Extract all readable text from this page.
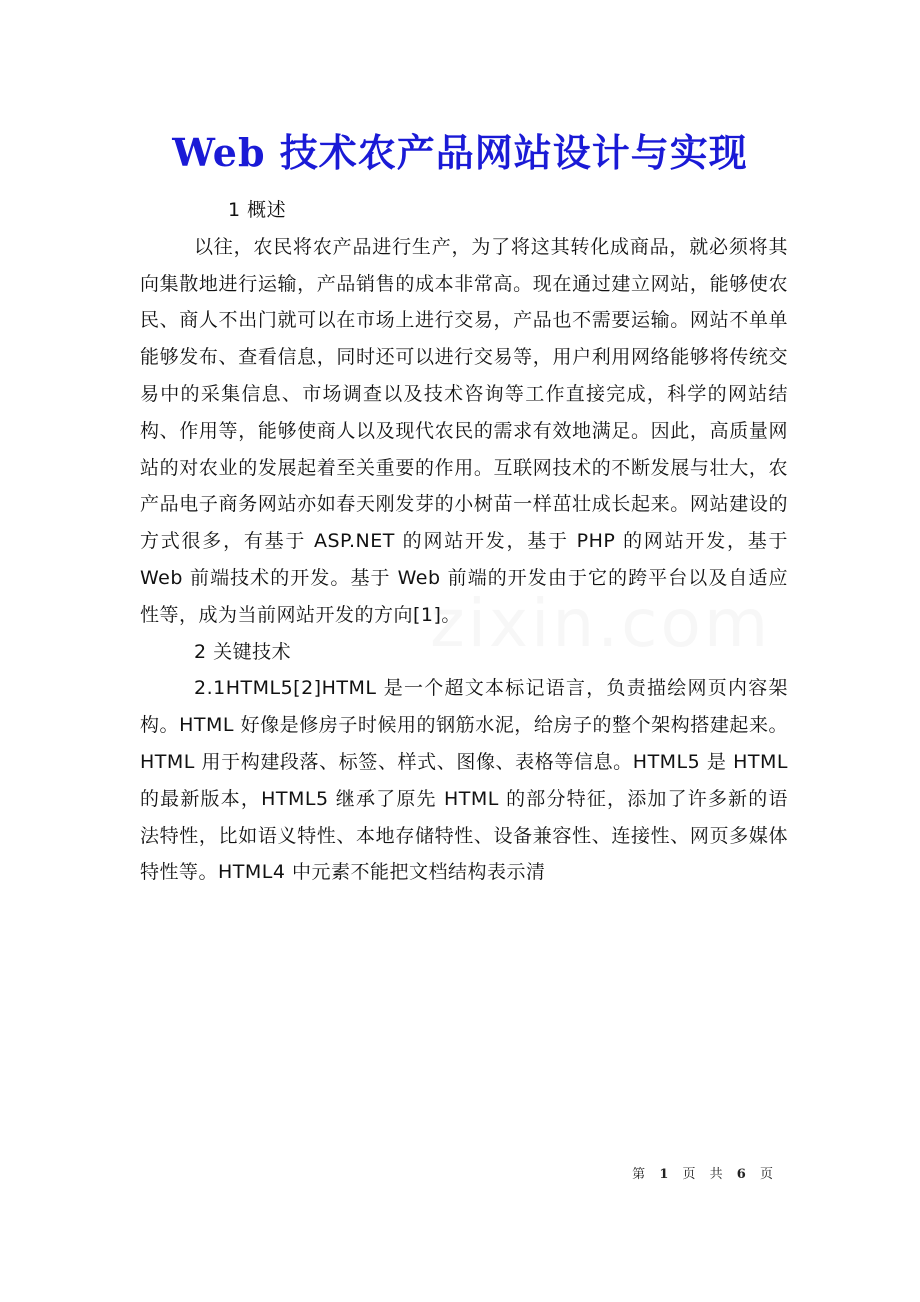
Web 技术农产品网站设计与实现

1 概述

以往，农民将农产品进行生产，为了将这其转化成商品，就必须将其向集散地进行运输，产品销售的成本非常高。现在通过建立网站，能够使农民、商人不出门就可以在市场上进行交易，产品也不需要运输。网站不单单能够发布、查看信息，同时还可以进行交易等，用户利用网络能够将传统交易中的采集信息、市场调查以及技术咨询等工作直接完成，科学的网站结构、作用等，能够使商人以及现代农民的需求有效地满足。因此，高质量网站的对农业的发展起着至关重要的作用。互联网技术的不断发展与壮大，农产品电子商务网站亦如春天刚发芽的小树苗一样茁壮成长起来。网站建设的方式很多，有基于 ASP.NET 的网站开发，基于 PHP 的网站开发，基于 Web 前端技术的开发。基于 Web 前端的开发由于它的跨平台以及自适应性等，成为当前网站开发的方向[1]。

2 关键技术

2.1HTML5[2]HTML 是一个超文本标记语言，负责描绘网页内容架构。HTML 好像是修房子时候用的钢筋水泥，给房子的整个架构搭建起来。HTML 用于构建段落、标签、样式、图像、表格等信息。HTML5 是 HTML 的最新版本，HTML5 继承了原先 HTML 的部分特征，添加了许多新的语法特性，比如语义特性、本地存储特性、设备兼容性、连接性、网页多媒体特性等。HTML4 中元素不能把文档结构表示清

zixin.com
第 1 页 共 6 页
